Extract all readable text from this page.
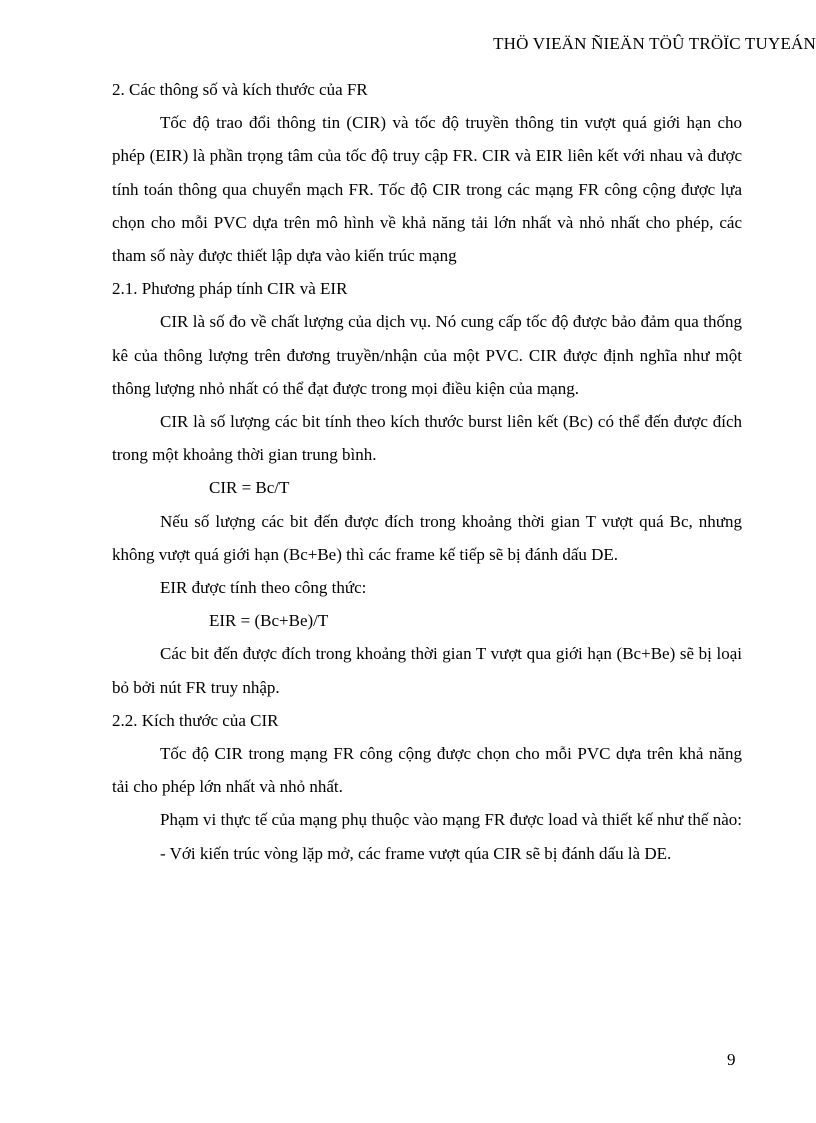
THÖ VIEÄN ÑIEÄN TÖÛ TRÖÏC TUYEÁN

2. Các thông số và kích thước của FR

Tốc độ trao đổi thông tin (CIR) và tốc độ truyền thông tin vượt quá giới hạn cho phép (EIR) là phần trọng tâm của tốc độ truy cập FR. CIR và EIR liên kết với nhau và được tính toán thông qua chuyển mạch FR. Tốc độ CIR trong các mạng FR công cộng được lựa chọn cho mỗi PVC dựa trên mô hình về khả năng tải lớn nhất và nhỏ nhất cho phép, các tham số này được thiết lập dựa vào kiến trúc mạng

2.1. Phương pháp tính CIR và EIR

CIR là số đo về chất lượng của dịch vụ. Nó cung cấp tốc độ được bảo đảm qua thống kê của thông lượng trên đương truyền/nhận của một PVC. CIR được định nghĩa như một thông lượng nhỏ nhất có thể đạt được trong mọi điều kiện của mạng.

CIR là số lượng các bit tính theo kích thước burst liên kết (Bc) có thể đến được đích trong một khoảng thời gian trung bình.

CIR = Bc/T

Nếu số lượng các bit đến được đích trong khoảng thời gian T vượt quá Bc, nhưng không vượt quá giới hạn (Bc+Be) thì các frame kế tiếp sẽ bị đánh dấu DE.

EIR được tính theo công thức:

EIR = (Bc+Be)/T

Các bit đến được đích trong khoảng thời gian T vượt qua giới hạn (Bc+Be) sẽ bị loại bỏ bởi nút FR truy nhập.

2.2. Kích thước của CIR

Tốc độ CIR trong mạng FR công cộng được chọn cho mỗi PVC dựa trên khả năng tải cho phép lớn nhất và nhỏ nhất.

Phạm vi thực tế của mạng phụ thuộc vào mạng FR được load và thiết kế như thế nào: - Với kiến trúc vòng lặp mở, các frame vượt qúa CIR sẽ bị đánh dấu là DE.

9
